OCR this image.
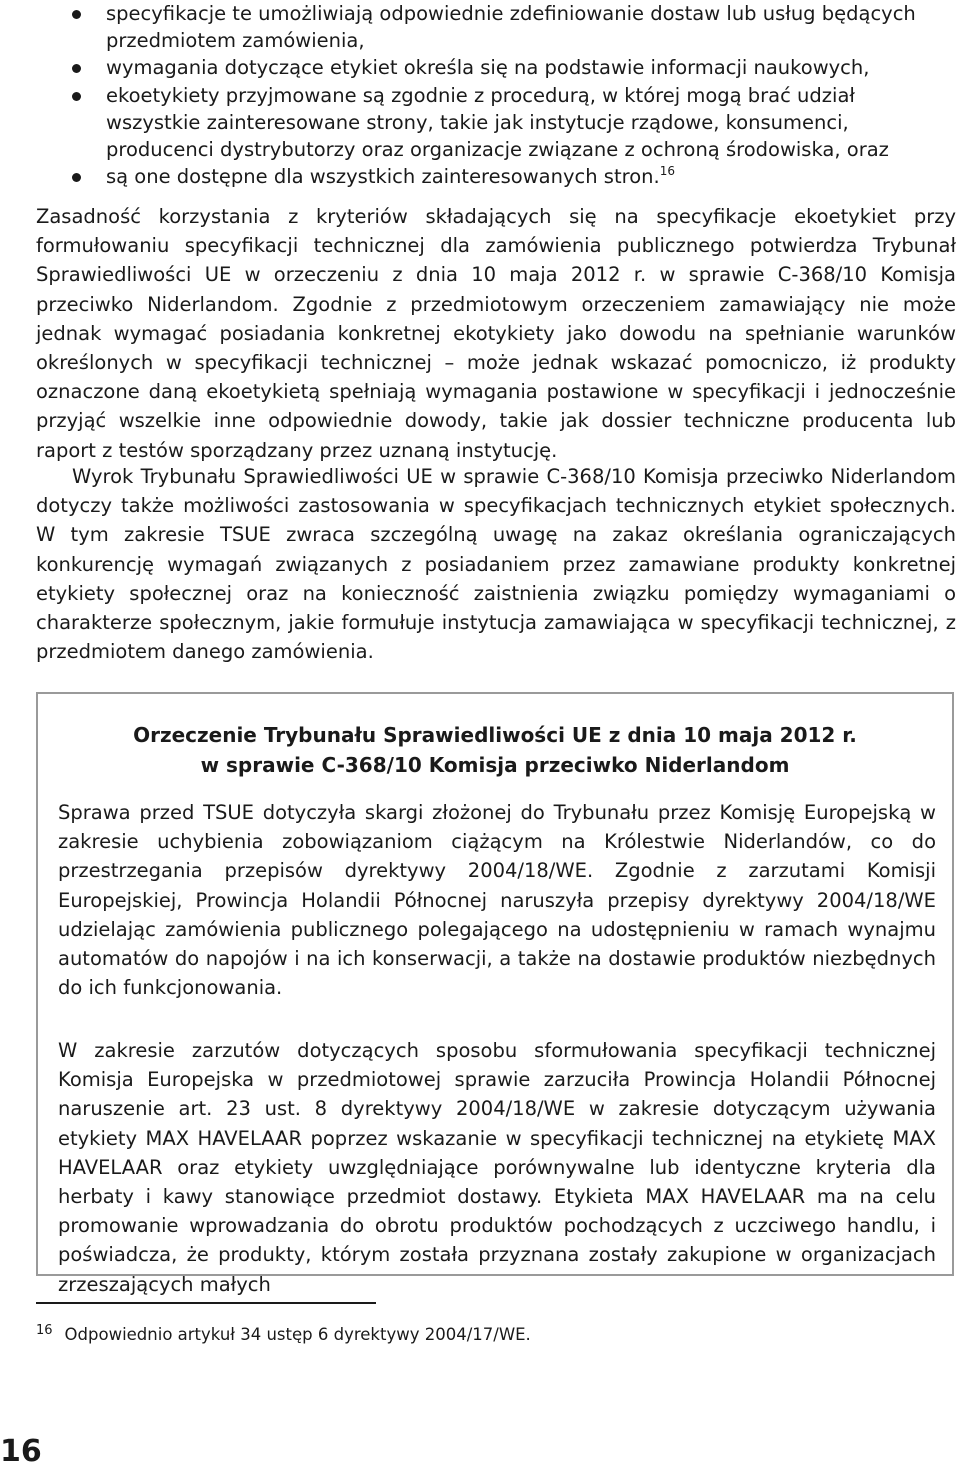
specyfikacje te umożliwiają odpowiednie zdefiniowanie dostaw lub usług będących przedmiotem zamówienia,
wymagania dotyczące etykiet określa się na podstawie informacji naukowych,
ekoetykiety przyjmowane są zgodnie z procedurą, w której mogą brać udział wszystkie zainteresowane strony, takie jak instytucje rządowe, konsumenci, producenci dystrybutorzy oraz organizacje związane z ochroną środowiska, oraz
są one dostępne dla wszystkich zainteresowanych stron.$^{16}$

Zasadność korzystania z kryteriów składających się na specyfikacje ekoetykiet przy formułowaniu specyfikacji technicznej dla zamówienia publicznego potwierdza Trybunał Sprawiedliwości UE w orzeczeniu z dnia 10 maja 2012 r. w sprawie C-368/10 Komisja przeciwko Niderlandom. Zgodnie z przedmiotowym orzeczeniem zamawiający nie może jednak wymagać posiadania konkretnej ekotykiety jako dowodu na spełnianie warunków określonych w specyfikacji technicznej – może jednak wskazać pomocniczo, iż produkty oznaczone daną ekoetykietą spełniają wymagania postawione w specyfikacji i jednocześnie przyjąć wszelkie inne odpowiednie dowody, takie jak dossier techniczne producenta lub raport z testów sporządzany przez uznaną instytucję.

Wyrok Trybunału Sprawiedliwości UE w sprawie C-368/10 Komisja przeciwko Niderlandom dotyczy także możliwości zastosowania w specyfikacjach technicznych etykiet społecznych. W tym zakresie TSUE zwraca szczególną uwagę na zakaz określania ograniczających konkurencję wymagań związanych z posiadaniem przez zamawiane produkty konkretnej etykiety społecznej oraz na konieczność zaistnienia związku pomiędzy wymaganiami o charakterze społecznym, jakie formułuje instytucja zamawiająca w specyfikacji technicznej, z przedmiotem danego zamówienia.

Orzeczenie Trybunału Sprawiedliwości UE z dnia 10 maja 2012 r.
w sprawie C-368/10 Komisja przeciwko Niderlandom

Sprawa przed TSUE dotyczyła skargi złożonej do Trybunału przez Komisję Europejską w zakresie uchybienia zobowiązaniom ciążącym na Królestwie Niderlandów, co do przestrzegania przepisów dyrektywy 2004/18/WE. Zgodnie z zarzutami Komisji Europejskiej, Prowincja Holandii Północnej naruszyła przepisy dyrektywy 2004/18/WE udzielając zamówienia publicznego polegającego na udostępnieniu w ramach wynajmu automatów do napojów i na ich konserwacji, a także na dostawie produktów niezbędnych do ich funkcjonowania.

W zakresie zarzutów dotyczących sposobu sformułowania specyfikacji technicznej Komisja Europejska w przedmiotowej sprawie zarzuciła Prowincja Holandii Północnej naruszenie art. 23 ust. 8 dyrektywy 2004/18/WE w zakresie dotyczącym używania etykiety MAX HAVELAAR poprzez wskazanie w specyfikacji technicznej na etykietę MAX HAVELAAR oraz etykiety uwzględniające porównywalne lub identyczne kryteria dla herbaty i kawy stanowiące przedmiot dostawy. Etykieta MAX HAVELAAR ma na celu promowanie wprowadzania do obrotu produktów pochodzących z uczciwego handlu, i poświadcza, że produkty, którym została przyznana zostały zakupione w organizacjach zrzeszających małych

$^{16}$ Odpowiednio artykuł 34 ustęp 6 dyrektywy 2004/17/WE.

16
